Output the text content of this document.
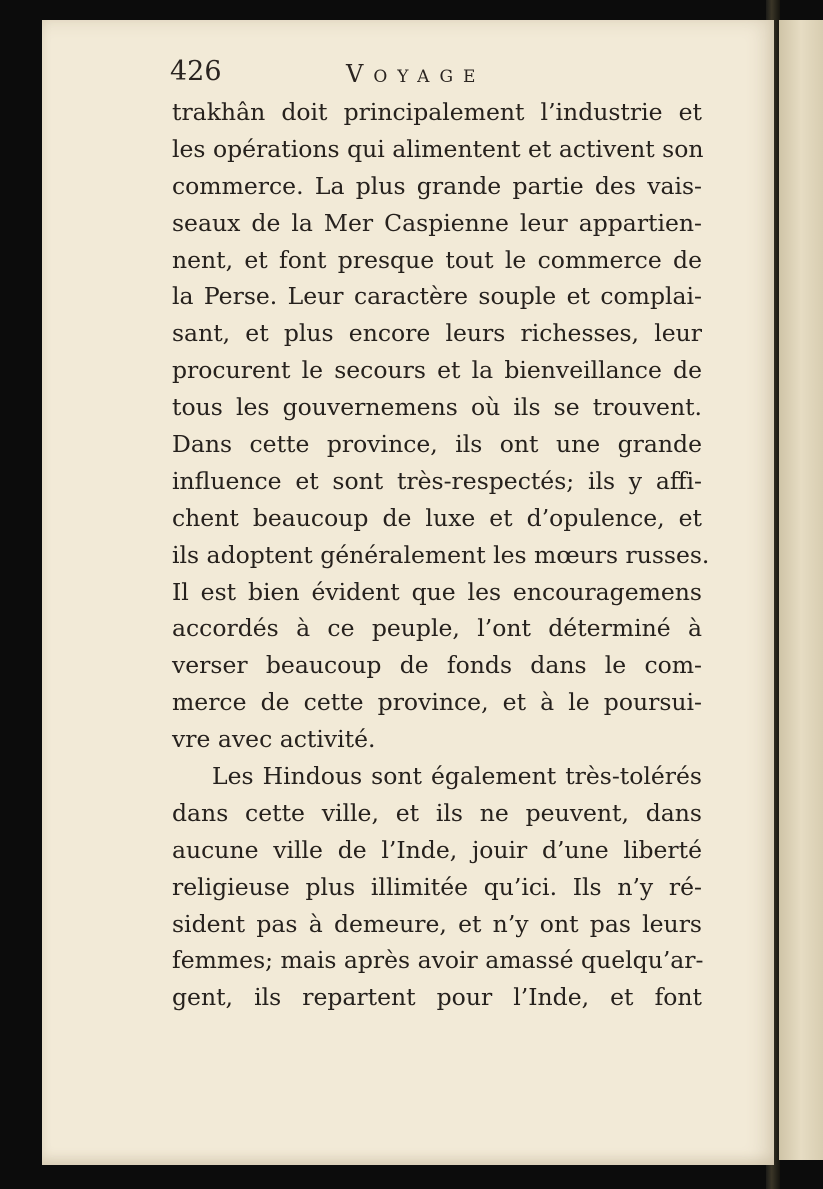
426	Voyage
trakhân doit principalement l’industrie et
les opérations qui alimentent et activent son
commerce. La plus grande partie des vais-
seaux de la Mer Caspienne leur appartien-
nent, et font presque tout le commerce de
la Perse. Leur caractère souple et complai-
sant, et plus encore leurs richesses, leur
procurent le secours et la bienveillance de
tous les gouvernemens où ils se trouvent.
Dans cette province, ils ont une grande
influence et sont très-respectés; ils y affi-
chent beaucoup de luxe et d’opulence, et
ils adoptent généralement les mœurs russes.
Il est bien évident que les encouragemens
accordés à ce peuple, l’ont déterminé à
verser beaucoup de fonds dans le com-
merce de cette province, et à le poursui-
vre avec activité.
Les Hindous sont également très-tolérés
dans cette ville, et ils ne peuvent, dans
aucune ville de l’Inde, jouir d’une liberté
religieuse plus illimitée qu’ici. Ils n’y ré-
sident pas à demeure, et n’y ont pas leurs
femmes; mais après avoir amassé quelqu’ar-
gent, ils repartent pour l’Inde, et font
